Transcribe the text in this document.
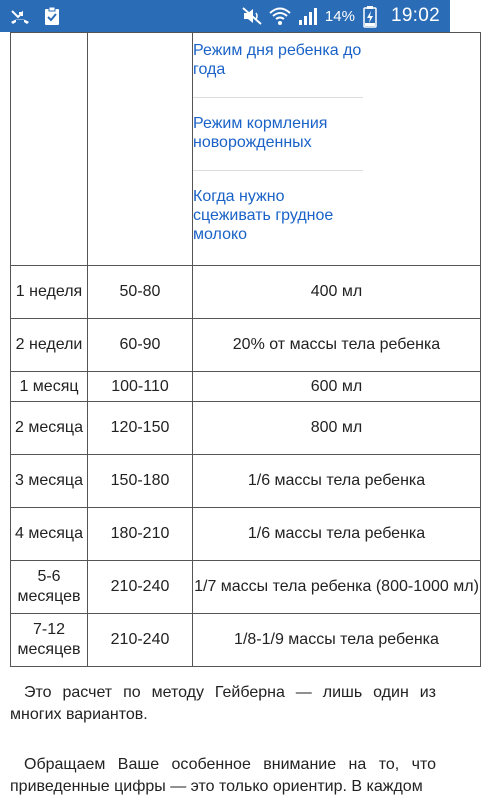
14% 19:02

		Режим дня ребенка до года
Режим кормления новорожденных
Когда нужно сцеживать грудное молоко

1 неделя	50-80	400 мл
2 недели	60-90	20% от массы тела ребенка
1 месяц	100-110	600 мл
2 месяца	120-150	800 мл
3 месяца	150-180	1/6 массы тела ребенка
4 месяца	180-210	1/6 массы тела ребенка
5-6 месяцев	210-240	1/7 массы тела ребенка (800-1000 мл)
7-12 месяцев	210-240	1/8-1/9 массы тела ребенка

Это расчет по методу Гейберна — лишь один из многих вариантов.

Обращаем Ваше особенное внимание на то, что приведенные цифры — это только ориентир. В каждом
